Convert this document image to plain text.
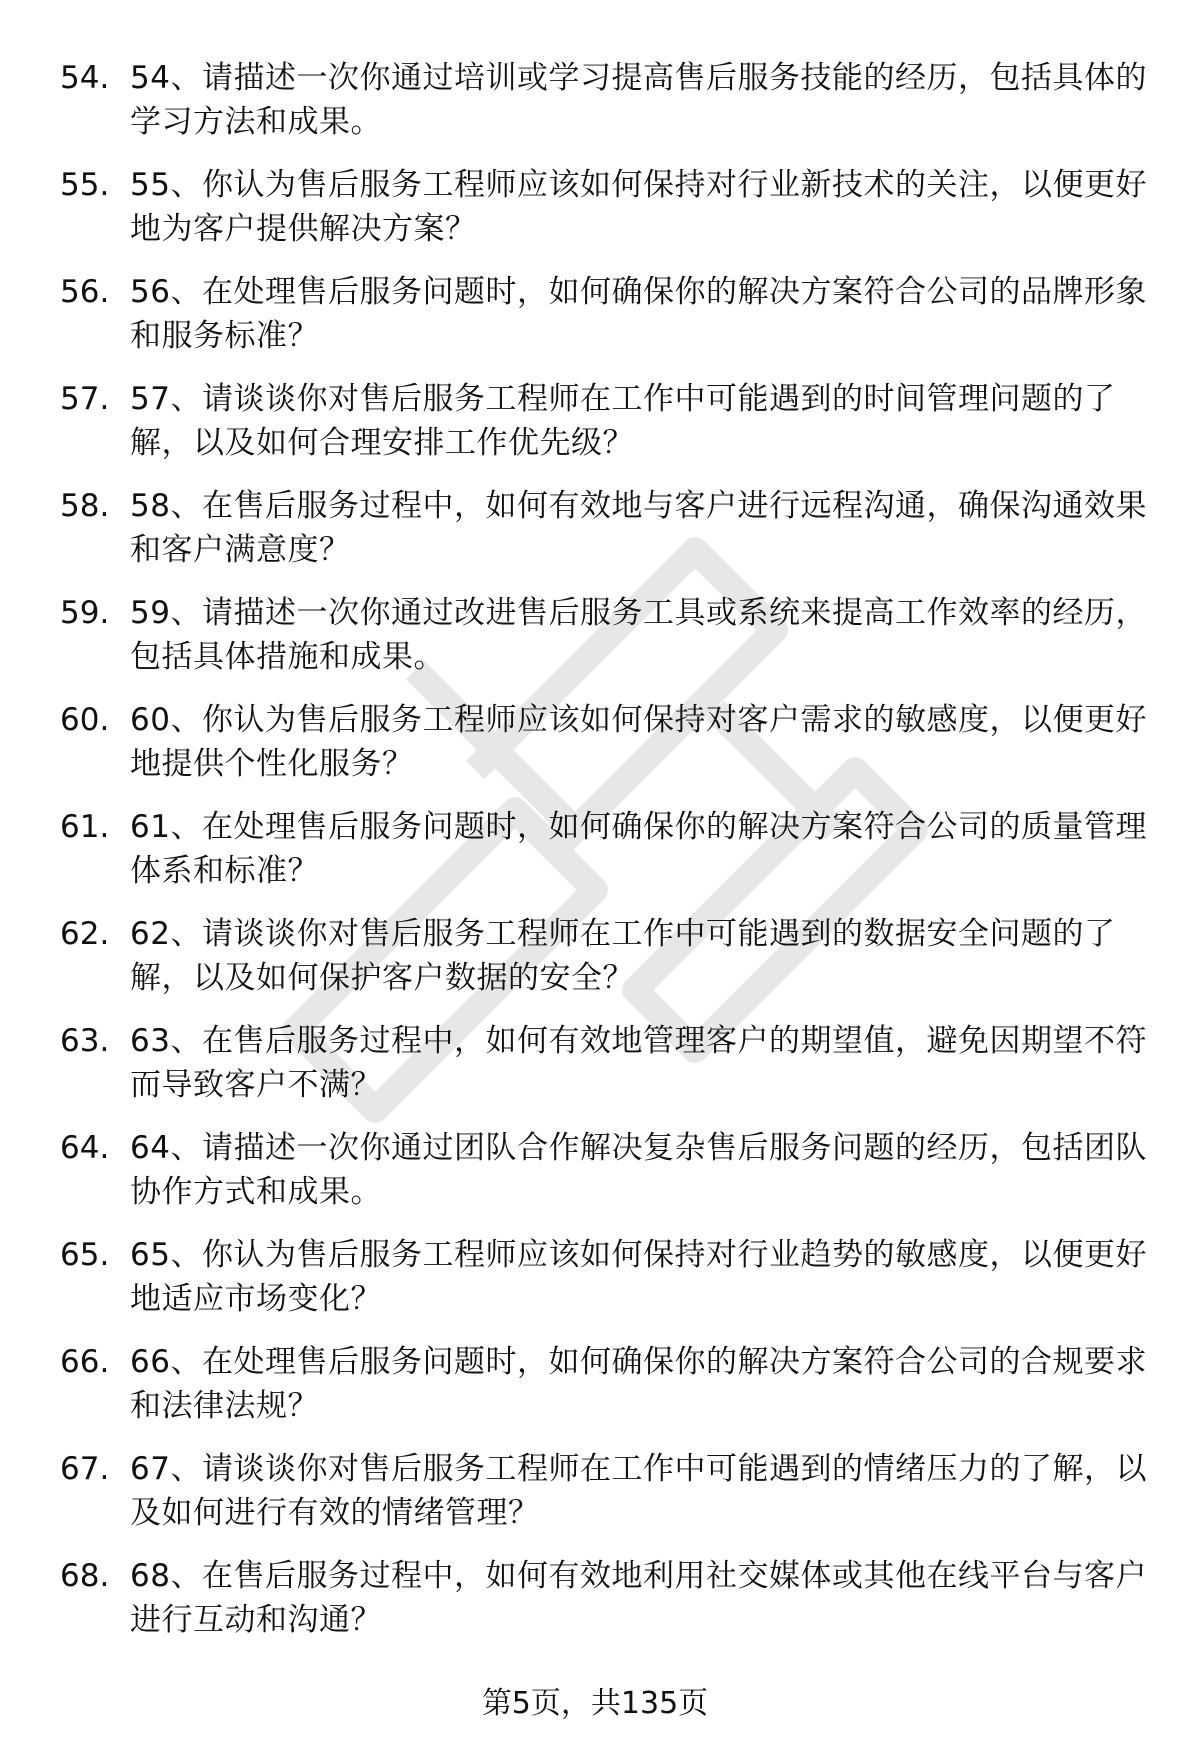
54. 54、请描述一次你通过培训或学习提高售后服务技能的经历，包括具体的学习方法和成果。
55. 55、你认为售后服务工程师应该如何保持对行业新技术的关注，以便更好地为客户提供解决方案？
56. 56、在处理售后服务问题时，如何确保你的解决方案符合公司的品牌形象和服务标准？
57. 57、请谈谈你对售后服务工程师在工作中可能遇到的时间管理问题的了解，以及如何合理安排工作优先级？
58. 58、在售后服务过程中，如何有效地与客户进行远程沟通，确保沟通效果和客户满意度？
59. 59、请描述一次你通过改进售后服务工具或系统来提高工作效率的经历，包括具体措施和成果。
60. 60、你认为售后服务工程师应该如何保持对客户需求的敏感度，以便更好地提供个性化服务？
61. 61、在处理售后服务问题时，如何确保你的解决方案符合公司的质量管理体系和标准？
62. 62、请谈谈你对售后服务工程师在工作中可能遇到的数据安全问题的了解，以及如何保护客户数据的安全？
63. 63、在售后服务过程中，如何有效地管理客户的期望值，避免因期望不符而导致客户不满？
64. 64、请描述一次你通过团队合作解决复杂售后服务问题的经历，包括团队协作方式和成果。
65. 65、你认为售后服务工程师应该如何保持对行业趋势的敏感度，以便更好地适应市场变化？
66. 66、在处理售后服务问题时，如何确保你的解决方案符合公司的合规要求和法律法规？
67. 67、请谈谈你对售后服务工程师在工作中可能遇到的情绪压力的了解，以及如何进行有效的情绪管理？
68. 68、在售后服务过程中，如何有效地利用社交媒体或其他在线平台与客户进行互动和沟通？
第5页，共135页
